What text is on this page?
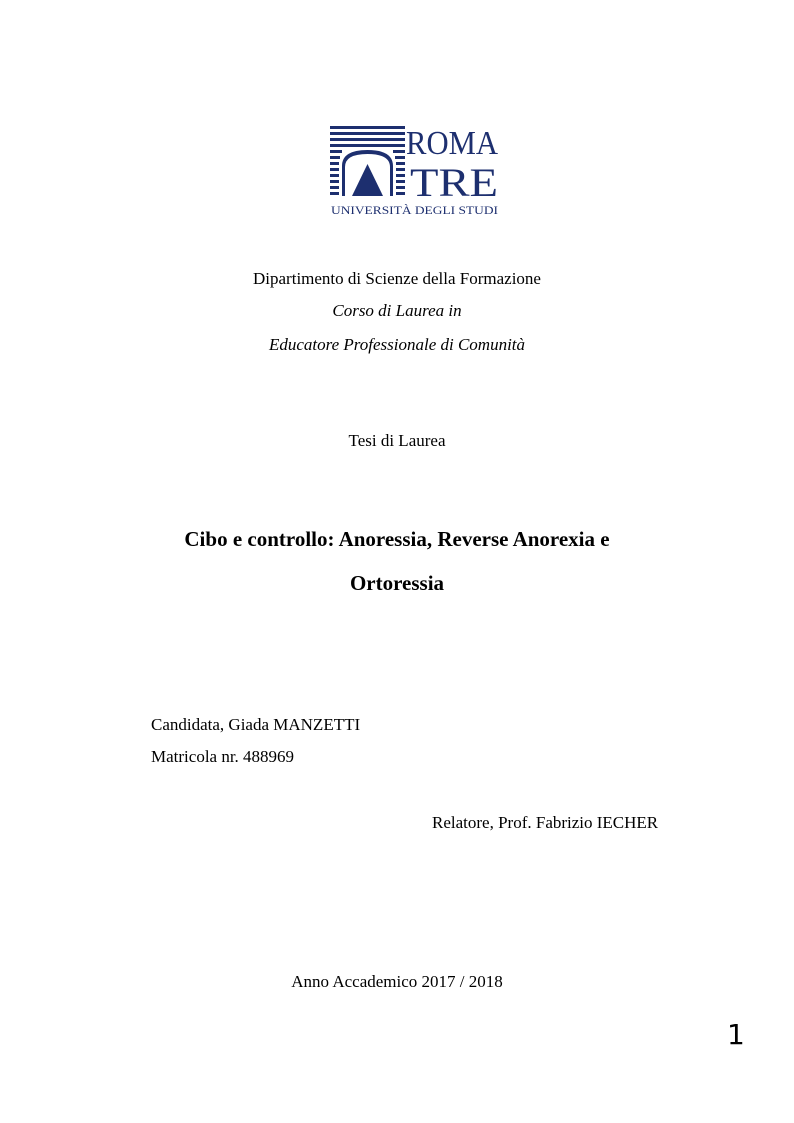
ROMA
TRE
UNIVERSITÀ DEGLI STUDI
Dipartimento di Scienze della Formazione
Corso di Laurea in
Educatore Professionale di Comunità
Tesi di Laurea
Cibo e controllo: Anoressia, Reverse Anorexia e
Ortoressia
Candidata, Giada MANZETTI
Matricola nr. 488969
Relatore, Prof. Fabrizio IECHER
Anno Accademico 2017 / 2018
1
